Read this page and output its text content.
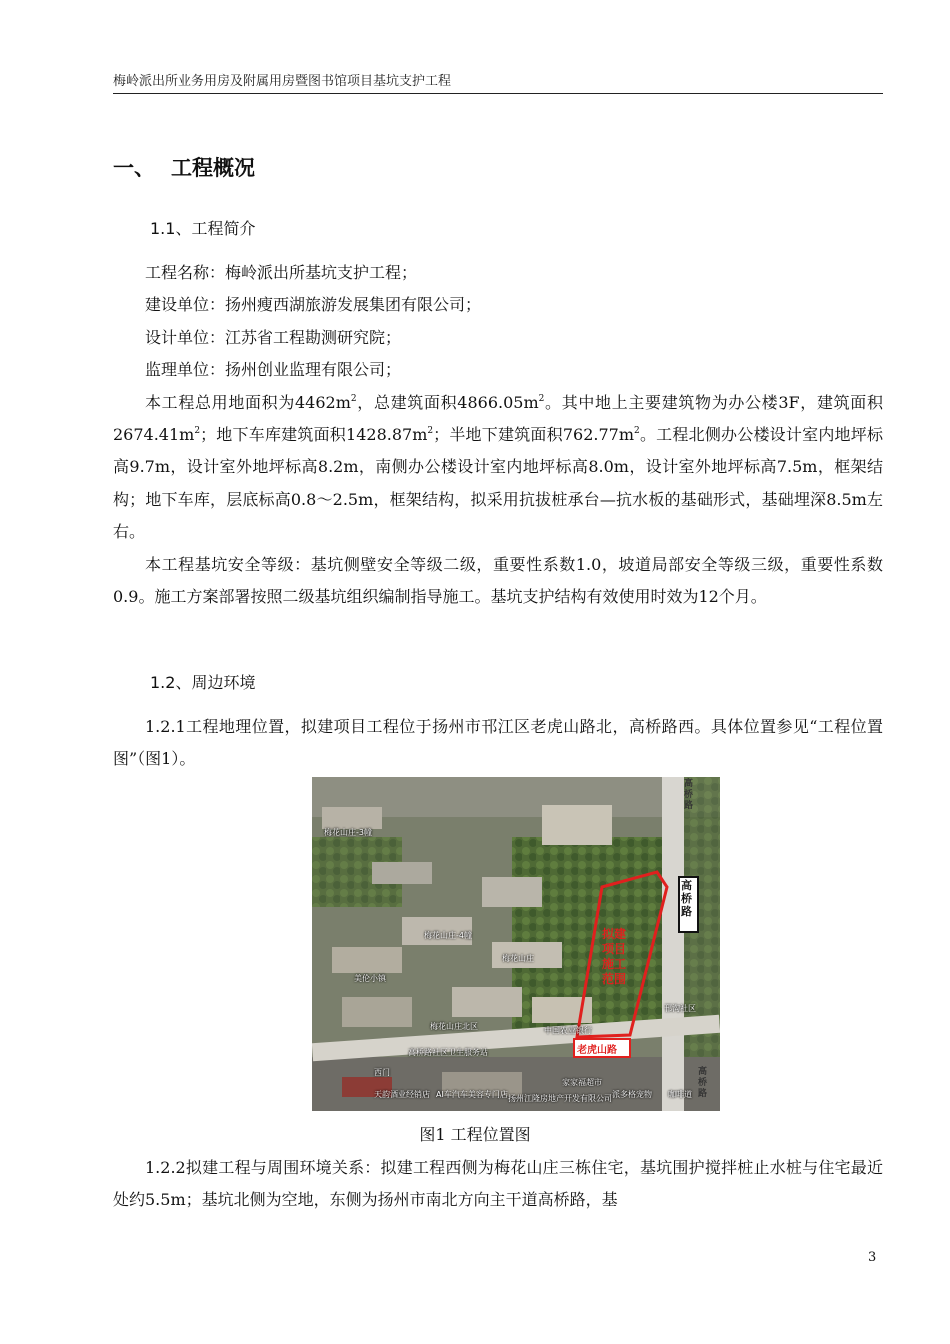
梅岭派出所业务用房及附属用房暨图书馆项目基坑支护工程
一、 工程概况
1.1、工程简介

工程名称：梅岭派出所基坑支护工程；

建设单位：扬州瘦西湖旅游发展集团有限公司；

设计单位：江苏省工程勘测研究院；

监理单位：扬州创业监理有限公司；

本工程总用地面积为$4462m^2$，总建筑面积$4866.05m^2$。其中地上主要建筑物为办公楼3F，建筑面积$2674.41m^2$；地下车库建筑面积$1428.87m^2$；半地下建筑面积$762.77m^2$。工程北侧办公楼设计室内地坪标高9.7m，设计室外地坪标高8.2m，南侧办公楼设计室内地坪标高8.0m，设计室外地坪标高7.5m，框架结构；地下车库，层底标高0.8～2.5m，框架结构，拟采用抗拔桩承台—抗水板的基础形式，基础埋深8.5m左右。

本工程基坑安全等级：基坑侧壁安全等级二级，重要性系数1.0，坡道局部安全等级三级，重要性系数0.9。施工方案部署按照二级基坑组织编制指导施工。基坑支护结构有效使用时效为12个月。

1.2、周边环境

1.2.1工程地理位置，拟建项目工程位于扬州市邗江区老虎山路北，高桥路西。具体位置参见“工程位置图”（图1）。

高桥路
老虎山路
高桥路
高桥路
拟建项目施工范围
梅花山庄-3幢
梅花山庄-4幢
梅花山庄
美伦小镇
梅花山庄北区	中国农业银行
邗沟社区
高桥路社区卫生服务站
西门
天韵酒业经销店 AI车汽车美容专门店 扬州江隆房地产开发有限公司
家家福超市
派多格宠物 咖啡道
图1 工程位置图

1.2.2拟建工程与周围环境关系：拟建工程西侧为梅花山庄三栋住宅，基坑围护搅拌桩止水桩与住宅最近处约5.5m；基坑北侧为空地，东侧为扬州市南北方向主干道高桥路，基

3
